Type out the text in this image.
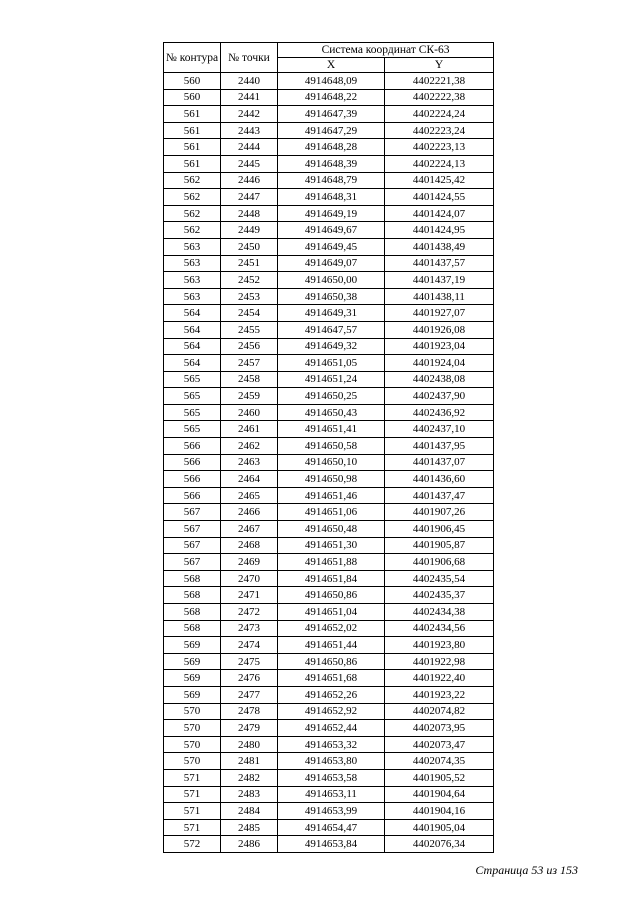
№ контура	№ точки	Система координат СК-63	
		X	Y
560	2440	4914648,09	4402221,38
560	2441	4914648,22	4402222,38
561	2442	4914647,39	4402224,24
561	2443	4914647,29	4402223,24
561	2444	4914648,28	4402223,13
561	2445	4914648,39	4402224,13
562	2446	4914648,79	4401425,42
562	2447	4914648,31	4401424,55
562	2448	4914649,19	4401424,07
562	2449	4914649,67	4401424,95
563	2450	4914649,45	4401438,49
563	2451	4914649,07	4401437,57
563	2452	4914650,00	4401437,19
563	2453	4914650,38	4401438,11
564	2454	4914649,31	4401927,07
564	2455	4914647,57	4401926,08
564	2456	4914649,32	4401923,04
564	2457	4914651,05	4401924,04
565	2458	4914651,24	4402438,08
565	2459	4914650,25	4402437,90
565	2460	4914650,43	4402436,92
565	2461	4914651,41	4402437,10
566	2462	4914650,58	4401437,95
566	2463	4914650,10	4401437,07
566	2464	4914650,98	4401436,60
566	2465	4914651,46	4401437,47
567	2466	4914651,06	4401907,26
567	2467	4914650,48	4401906,45
567	2468	4914651,30	4401905,87
567	2469	4914651,88	4401906,68
568	2470	4914651,84	4402435,54
568	2471	4914650,86	4402435,37
568	2472	4914651,04	4402434,38
568	2473	4914652,02	4402434,56
569	2474	4914651,44	4401923,80
569	2475	4914650,86	4401922,98
569	2476	4914651,68	4401922,40
569	2477	4914652,26	4401923,22
570	2478	4914652,92	4402074,82
570	2479	4914652,44	4402073,95
570	2480	4914653,32	4402073,47
570	2481	4914653,80	4402074,35
571	2482	4914653,58	4401905,52
571	2483	4914653,11	4401904,64
571	2484	4914653,99	4401904,16
571	2485	4914654,47	4401905,04
572	2486	4914653,84	4402076,34
Страница 53 из 153
